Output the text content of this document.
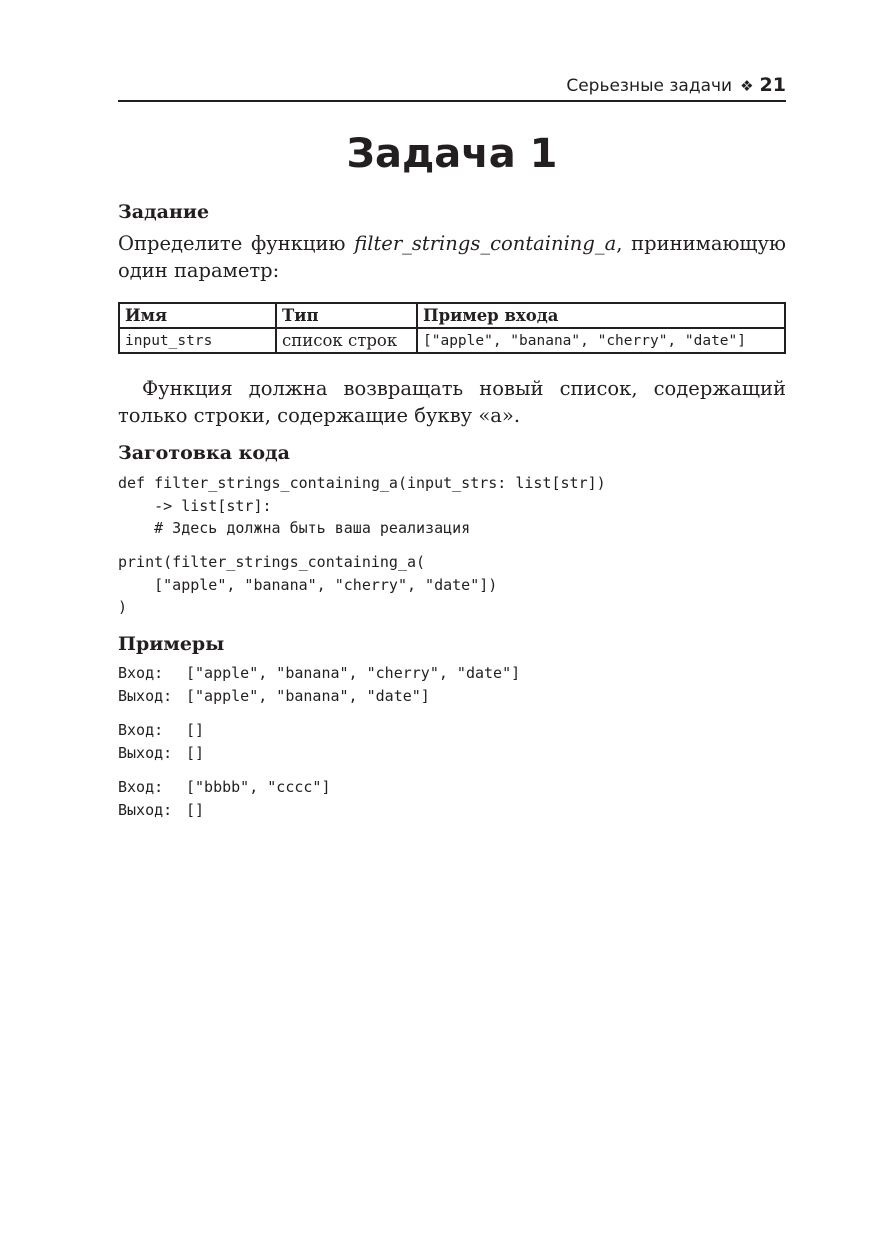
Серьезные задачи ❖ 21
Задача 1
Задание

Определите функцию filter_strings_containing_a, принимающую один параметр:

Имя	Тип	Пример входа
input_strs	список строк	["apple", "banana", "cherry", "date"]

Функция должна возвращать новый список, содержащий только строки, содержащие букву «а».

Заготовка кода
def filter_strings_containing_a(input_strs: list[str])
-> list[str]:
# Здесь должна быть ваша реализация
print(filter_strings_containing_a(
["apple", "banana", "cherry", "date"])
)
Примеры
Вход: ["apple", "banana", "cherry", "date"]
Выход: ["apple", "banana", "date"]
Вход: []
Выход: []
Вход: ["bbbb", "cccc"]
Выход: []
